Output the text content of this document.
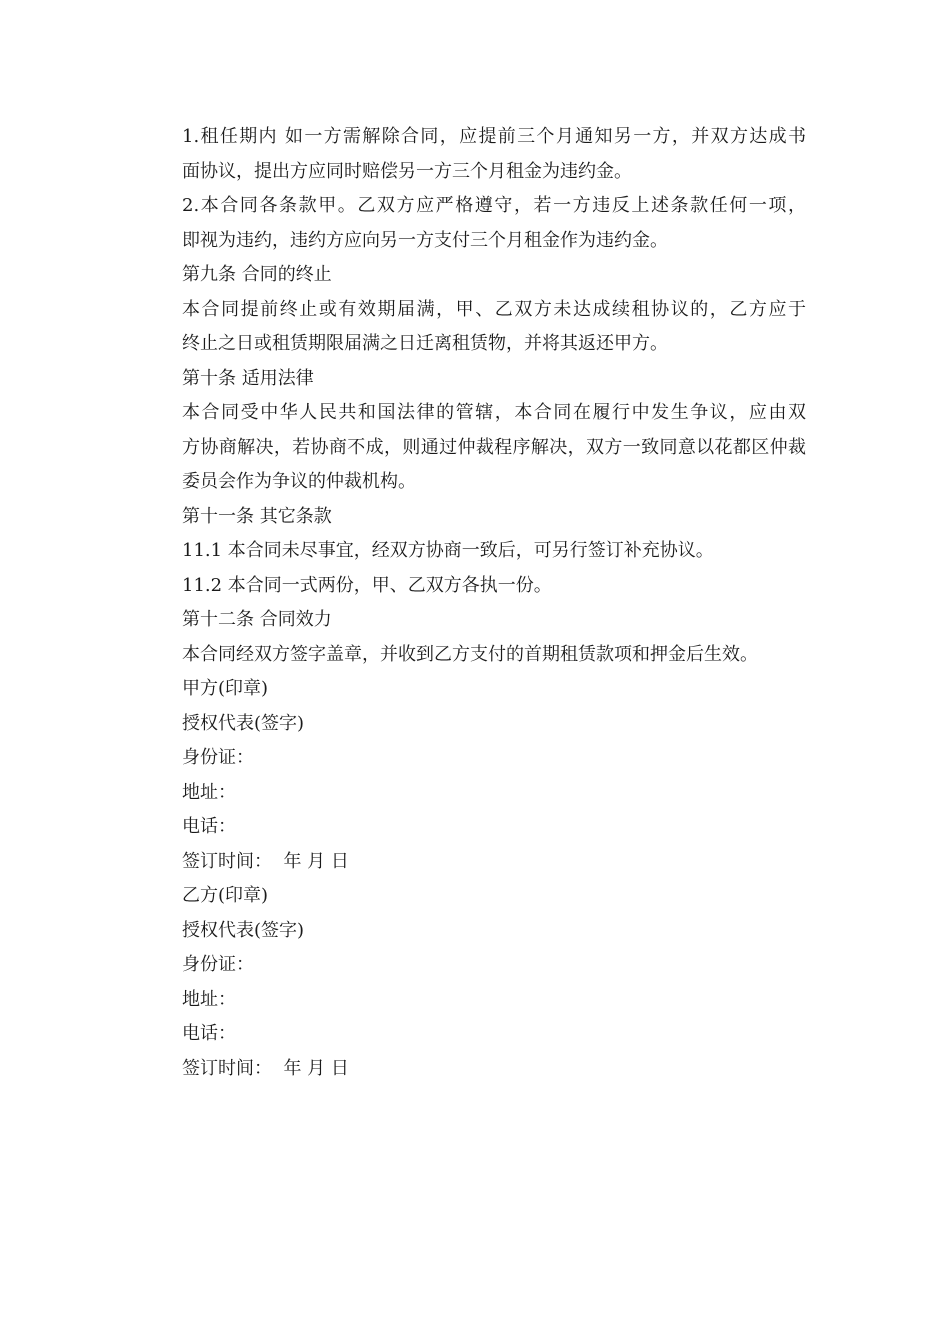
1.租任期内 如一方需解除合同，应提前三个月通知另一方，并双方达成书
面协议，提出方应同时赔偿另一方三个月租金为违约金。

2.本合同各条款甲。乙双方应严格遵守，若一方违反上述条款任何一项，
即视为违约，违约方应向另一方支付三个月租金作为违约金。

第九条 合同的终止

本合同提前终止或有效期届满，甲、乙双方未达成续租协议的，乙方应于
终止之日或租赁期限届满之日迁离租赁物，并将其返还甲方。

第十条 适用法律

本合同受中华人民共和国法律的管辖，本合同在履行中发生争议，应由双
方协商解决，若协商不成，则通过仲裁程序解决，双方一致同意以花都区仲裁
委员会作为争议的仲裁机构。

第十一条 其它条款

11.1 本合同未尽事宜，经双方协商一致后，可另行签订补充协议。

11.2 本合同一式两份，甲、乙双方各执一份。

第十二条 合同效力

本合同经双方签字盖章，并收到乙方支付的首期租赁款项和押金后生效。

甲方(印章)

授权代表(签字)

身份证：

地址：

电话：

签订时间：  年 月 日

乙方(印章)

授权代表(签字)

身份证：

地址：

电话：

签订时间：  年 月 日
